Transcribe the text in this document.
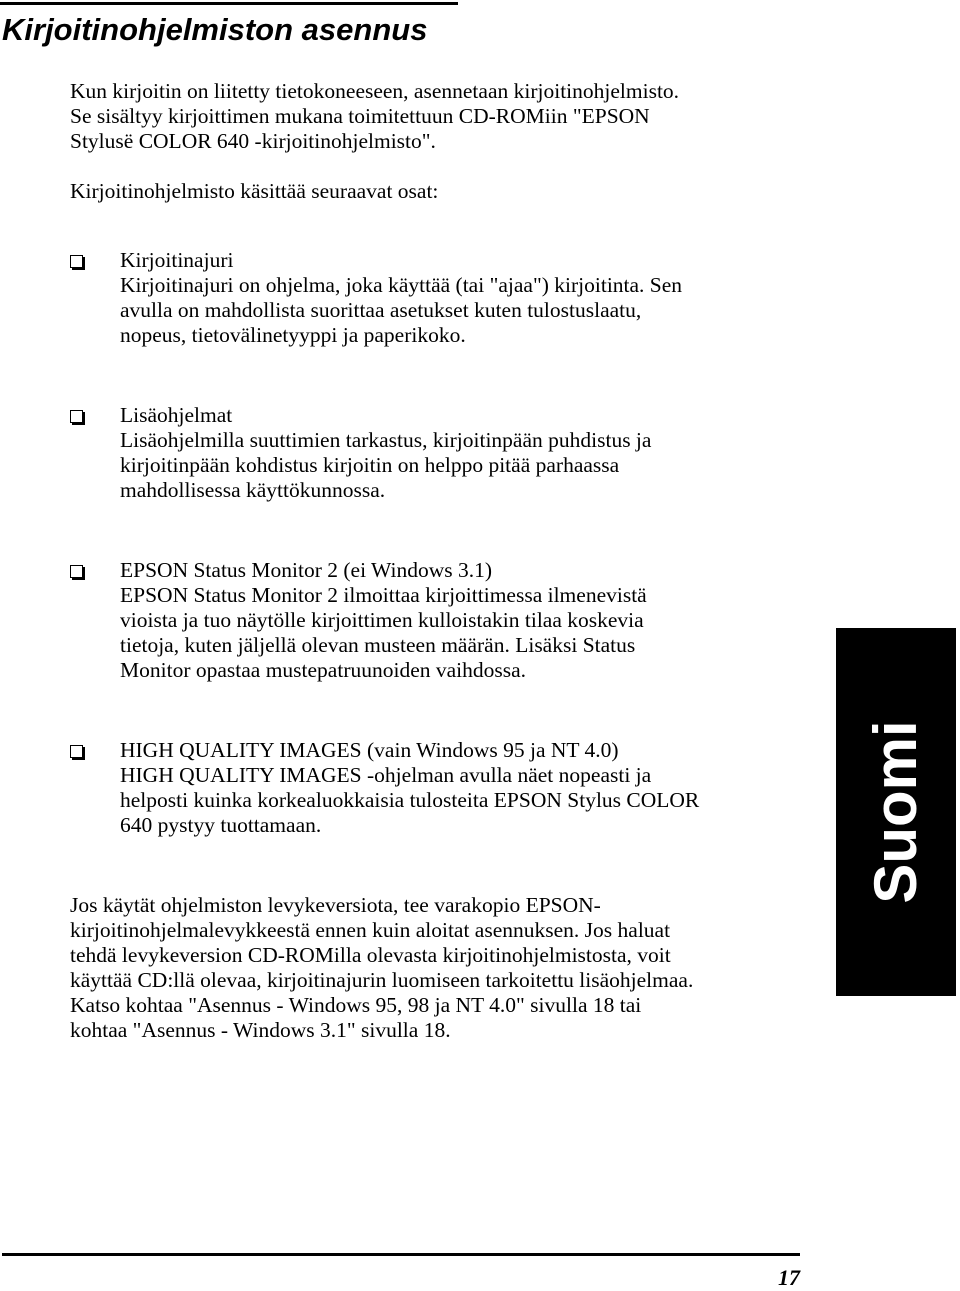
Kirjoitinohjelmiston asennus

Kun kirjoitin on liitetty tietokoneeseen, asennetaan kirjoitinohjelmisto.
Se sisältyy kirjoittimen mukana toimitettuun CD-ROMiin "EPSON
Stylusë COLOR 640 -kirjoitinohjelmisto".

Kirjoitinohjelmisto käsittää seuraavat osat:

Kirjoitinajuri
Kirjoitinajuri on ohjelma, joka käyttää (tai "ajaa") kirjoitinta. Sen
avulla on mahdollista suorittaa asetukset kuten tulostuslaatu,
nopeus, tietovälinetyyppi ja paperikoko.
Lisäohjelmat
Lisäohjelmilla suuttimien tarkastus, kirjoitinpään puhdistus ja
kirjoitinpään kohdistus kirjoitin on helppo pitää parhaassa
mahdollisessa käyttökunnossa.
EPSON Status Monitor 2 (ei Windows 3.1)
EPSON Status Monitor 2 ilmoittaa kirjoittimessa ilmenevistä
vioista ja tuo näytölle kirjoittimen kulloistakin tilaa koskevia
tietoja, kuten jäljellä olevan musteen määrän. Lisäksi Status
Monitor opastaa mustepatruunoiden vaihdossa.
HIGH QUALITY IMAGES (vain Windows 95 ja NT 4.0)
HIGH QUALITY IMAGES -ohjelman avulla näet nopeasti ja
helposti kuinka korkealuokkaisia tulosteita EPSON Stylus COLOR
640 pystyy tuottamaan.

Jos käytät ohjelmiston levykeversiota, tee varakopio EPSON-
kirjoitinohjelmalevykkeestä ennen kuin aloitat asennuksen. Jos haluat
tehdä levykeversion CD-ROMilla olevasta kirjoitinohjelmistosta, voit
käyttää CD:llä olevaa, kirjoitinajurin luomiseen tarkoitettu lisäohjelmaa.
Katso kohtaa "Asennus - Windows 95, 98 ja NT 4.0" sivulla 18 tai
kohtaa "Asennus - Windows 3.1" sivulla 18.

Suomi
17
